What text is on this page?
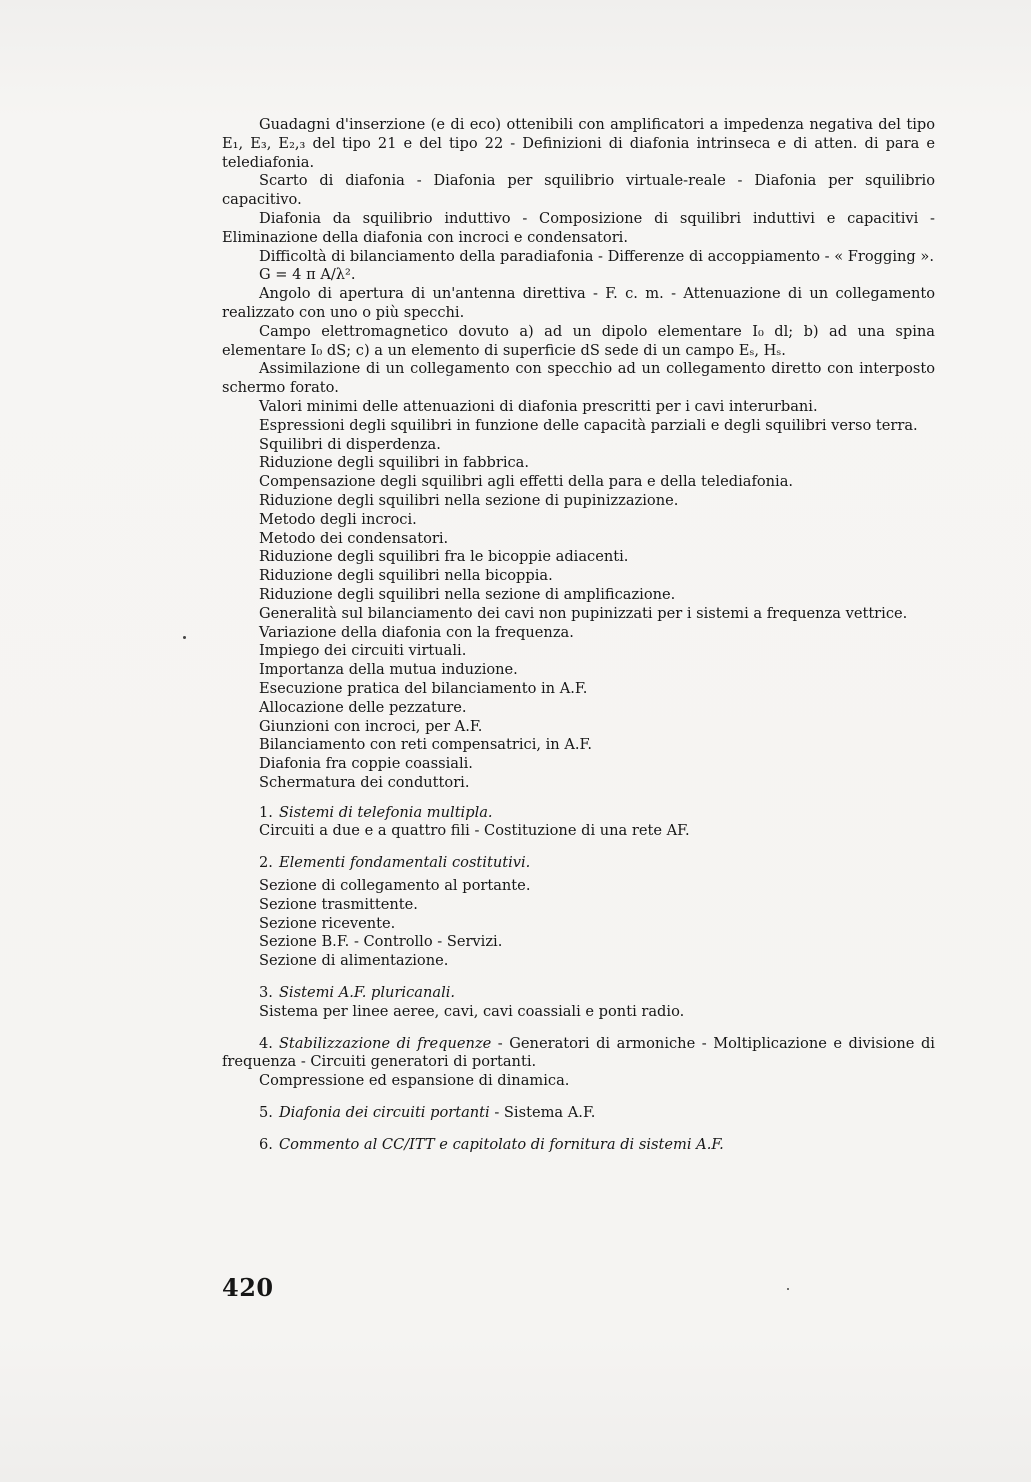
Guadagni d'inserzione (e di eco) ottenibili con amplificatori a impedenza negativa del tipo E₁, E₃, E₂,₃ del tipo 21 e del tipo 22 - Definizioni di diafonia intrinseca e di atten. di para e telediafonia.

Scarto di diafonia - Diafonia per squilibrio virtuale-reale - Diafonia per squilibrio capacitivo.

Diafonia da squilibrio induttivo - Composizione di squilibri induttivi e capacitivi - Eliminazione della diafonia con incroci e condensatori.

Difficoltà di bilanciamento della paradiafonia - Differenze di accoppiamento - « Frogging ».

G = 4 π A/λ².

Angolo di apertura di un'antenna direttiva - F. c. m. - Attenuazione di un collegamento realizzato con uno o più specchi.

Campo elettromagnetico dovuto a) ad un dipolo elementare I₀ dl; b) ad una spina elementare I₀ dS; c) a un elemento di superficie dS sede di un campo Eₛ, Hₛ.

Assimilazione di un collegamento con specchio ad un collegamento diretto con interposto schermo forato.

Valori minimi delle attenuazioni di diafonia prescritti per i cavi interurbani.

Espressioni degli squilibri in funzione delle capacità parziali e degli squilibri verso terra.

Squilibri di disperdenza.

Riduzione degli squilibri in fabbrica.

Compensazione degli squilibri agli effetti della para e della telediafonia.

Riduzione degli squilibri nella sezione di pupinizzazione.

Metodo degli incroci.

Metodo dei condensatori.

Riduzione degli squilibri fra le bicoppie adiacenti.

Riduzione degli squilibri nella bicoppia.

Riduzione degli squilibri nella sezione di amplificazione.

Generalità sul bilanciamento dei cavi non pupinizzati per i sistemi a frequenza vettrice.

Variazione della diafonia con la frequenza.

Impiego dei circuiti virtuali.

Importanza della mutua induzione.

Esecuzione pratica del bilanciamento in A.F.

Allocazione delle pezzature.

Giunzioni con incroci, per A.F.

Bilanciamento con reti compensatrici, in A.F.

Diafonia fra coppie coassiali.

Schermatura dei conduttori.

1. Sistemi di telefonia multipla.

Circuiti a due e a quattro fili - Costituzione di una rete AF.

2. Elementi fondamentali costitutivi.

Sezione di collegamento al portante.

Sezione trasmittente.

Sezione ricevente.

Sezione B.F. - Controllo - Servizi.

Sezione di alimentazione.

3. Sistemi A.F. pluricanali.

Sistema per linee aeree, cavi, cavi coassiali e ponti radio.

4. Stabilizzazione di frequenze - Generatori di armoniche - Moltiplicazione e divisione di frequenza - Circuiti generatori di portanti.

Compressione ed espansione di dinamica.

5. Diafonia dei circuiti portanti - Sistema A.F.

6. Commento al CC/ITT e capitolato di fornitura di sistemi A.F.

420
